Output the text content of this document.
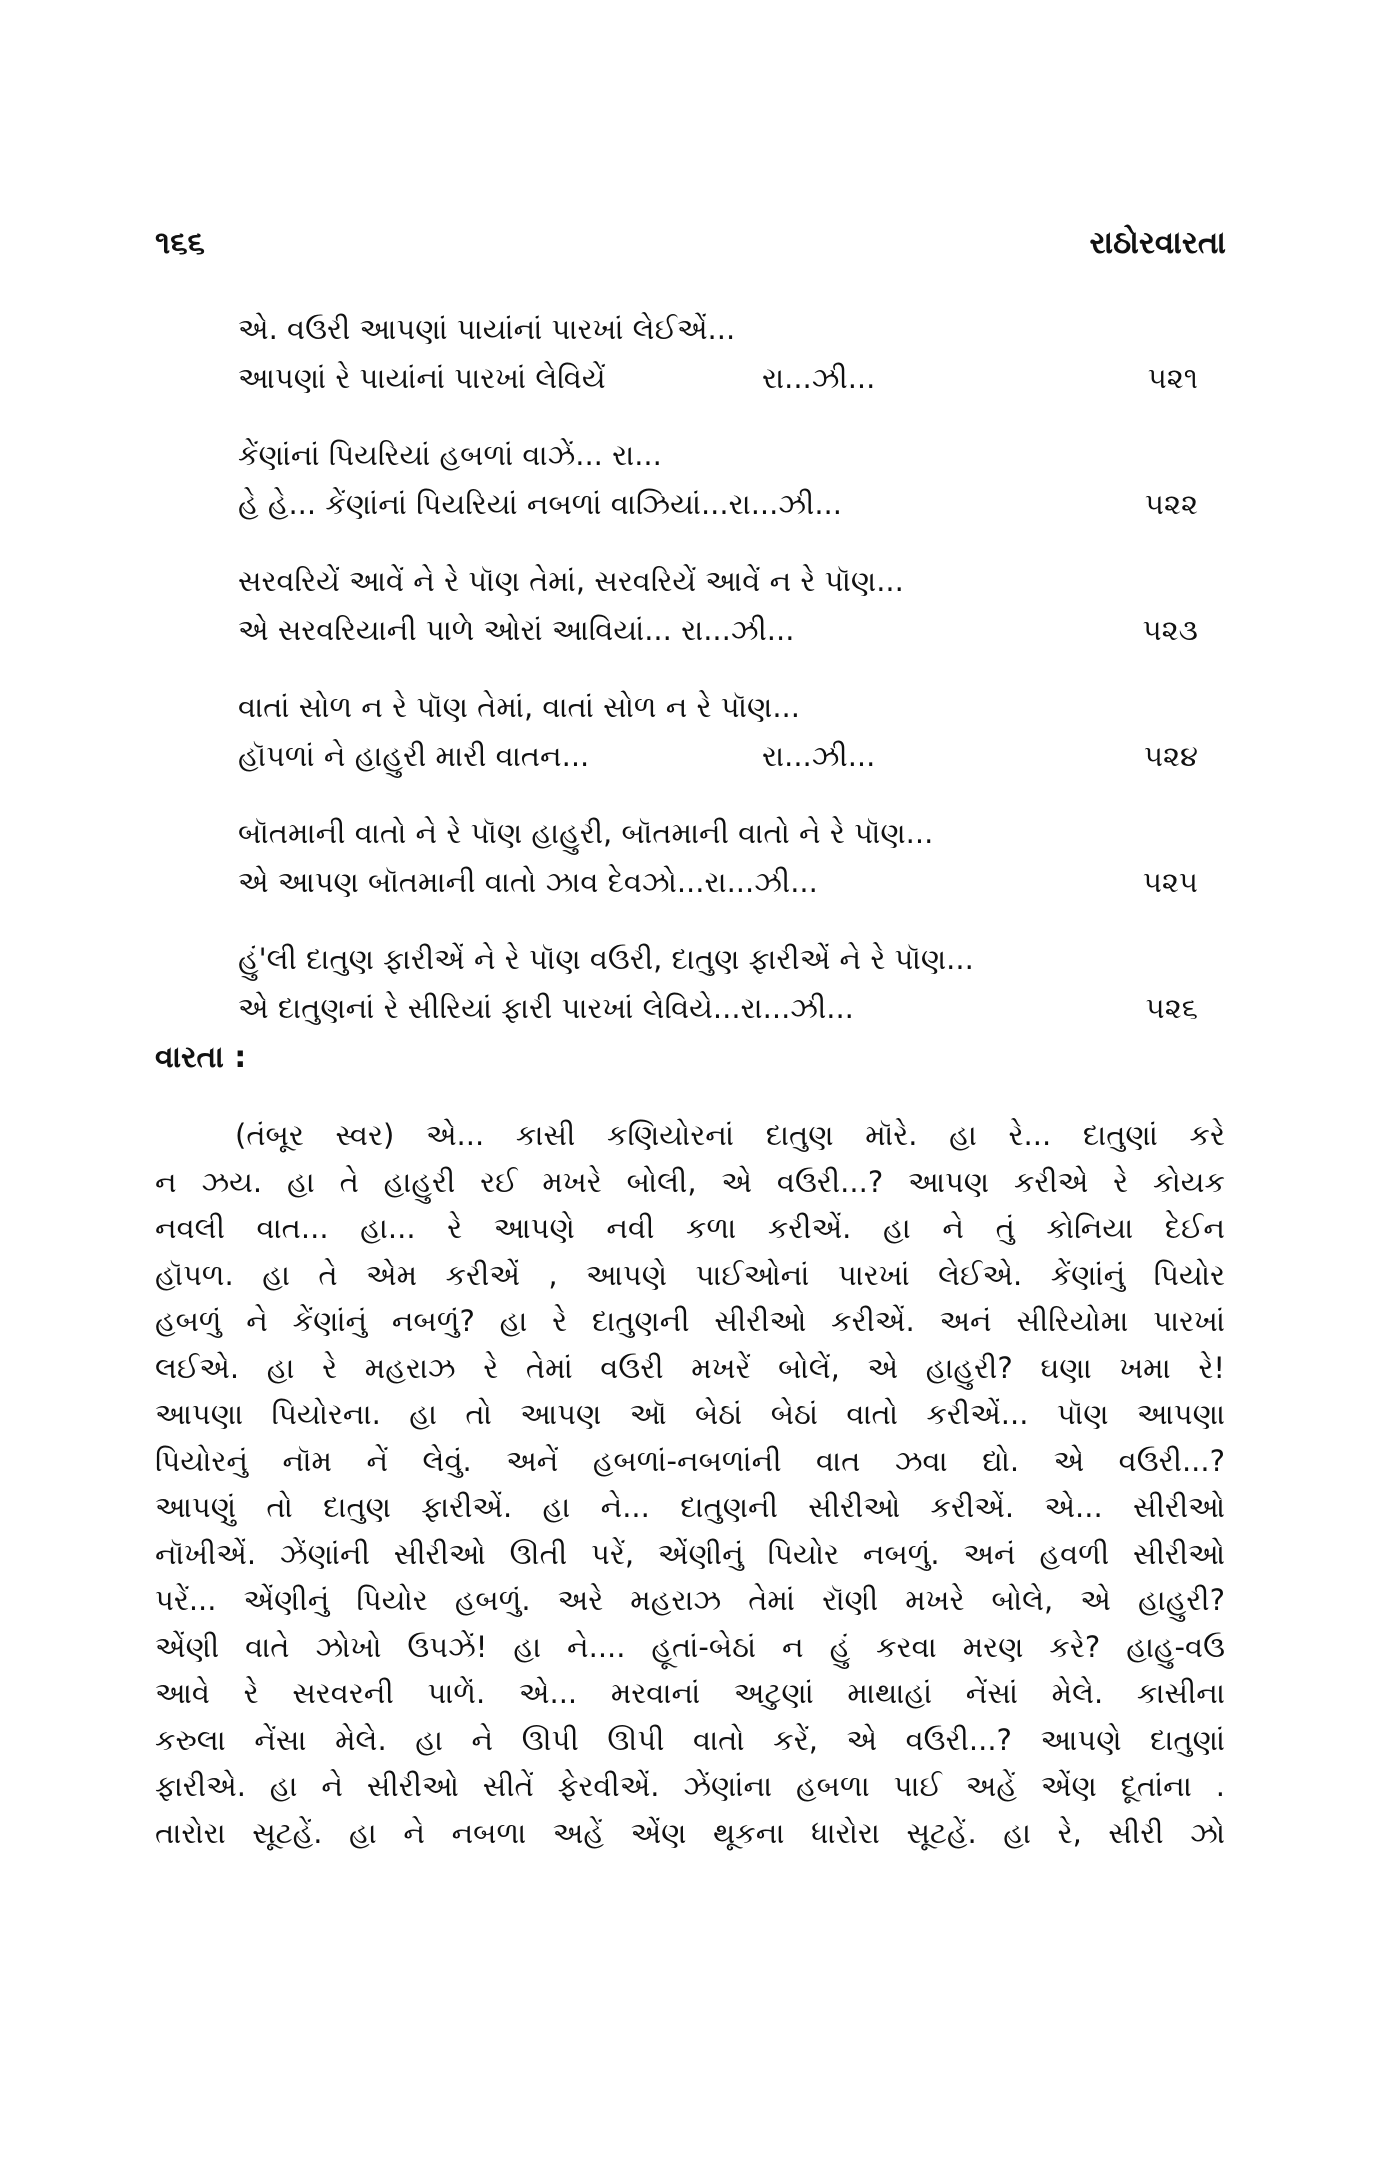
૧૬૬	રાઠોરવારતા
એ. વઉરી આપણાં પાયાંનાં પારખાં લેઈએં...
આપણાં રે પાયાંનાં પારખાં લેવિયેં	રા...ઝી...	૫૨૧
કેંણાંનાં પિયરિયાં હબળાં વાઝેં... રા...
હે હે... કેંણાંનાં પિયરિયાં નબળાં વાઝિયાં...રા...ઝી...	૫૨૨
સરવરિયેં આવેં ને રે પૉણ તેમાં, સરવરિયેં આવેં ન રે પૉણ...
એ સરવરિયાની પાળે ઓરાં આવિયાં... રા...ઝી...	૫૨૩
વાતાં સોળ ન રે પૉણ તેમાં, વાતાં સોળ ન રે પૉણ...
હૉપળાં ને હાહુરી મારી વાતન...	રા...ઝી...	૫૨૪
બૉતમાની વાતો ને રે પૉણ હાહુરી, બૉતમાની વાતો ને રે પૉણ...
એ આપણ બૉતમાની વાતો ઝાવ દેવઝો...રા...ઝી...	૫૨૫
હું'લી દાતુણ ફારીએં ને રે પૉણ વઉરી, દાતુણ ફારીએં ને રે પૉણ...
એ દાતુણનાં રે સીરિયાં ફારી પારખાં લેવિયે...રા...ઝી...	૫૨૬
વારતા :
(તંબૂર સ્વર) એ... કાસી કણિયોરનાં દાતુણ મૉરે. હા રે... દાતુણાં કરે
ન ઝય. હા તે હાહુરી રઈ મખરે બોલી, એ વઉરી...? આપણ કરીએ રે કોયક
નવલી વાત... હા... રે આપણે નવી કળા કરીએં. હા ને તું કોનિયા દેઈન
હૉપળ. હા તે એમ કરીએં , આપણે પાઈઓનાં પારખાં લેઈએ. કેંણાંનું પિયોર
હબળું ને કેંણાંનું નબળું? હા રે દાતુણની સીરીઓ કરીએં. અનં સીરિયોમા પારખાં
લઈએ. હા રે મહરાઝ રે તેમાં વઉરી મખરેં બોલેં, એ હાહુરી? ઘણા ખમા રે!
આપણા પિયોરના. હા તો આપણ ઑ બેઠાં બેઠાં વાતો કરીએં... પૉણ આપણા
પિયોરનું નૉમ નેં લેવું. અનેં હબળાં-નબળાંની વાત ઝવા દ્યો. એ વઉરી...?
આપણું તો દાતુણ ફારીએં. હા ને... દાતુણની સીરીઓ કરીએં. એ... સીરીઓ
નૉખીએં. ઝેંણાંની સીરીઓ ઊતી પરેં, એંણીનું પિયોર નબળું. અનં હવળી સીરીઓ
પરેં... એંણીનું પિયોર હબળું. અરે મહરાઝ તેમાં રૉણી મખરે બોલે, એ હાહુરી?
એંણી વાતે ઝોખો ઉપઝેં! હા ને.... હૂતાં-બેઠાં ન હું કરવા મરણ કરે? હાહુ-વઉ
આવે રે સરવરની પાળેં. એ... મરવાનાં અટુણાં માથાહાં નેંસાં મેલે. કાસીના
કરુલા નેંસા મેલે. હા ને ઊપી ઊપી વાતો કરેં, એ વઉરી...? આપણે દાતુણાં
ફારીએ. હા ને સીરીઓ સીતેં ફેરવીએં. ઝેંણાંના હબળા પાઈ અહેં એંણ દૂતાંના .
તારોરા સૂટહેં. હા ને નબળા અહેં એંણ થૂકના ધારોરા સૂટહેં. હા રે, સીરી ઝો
